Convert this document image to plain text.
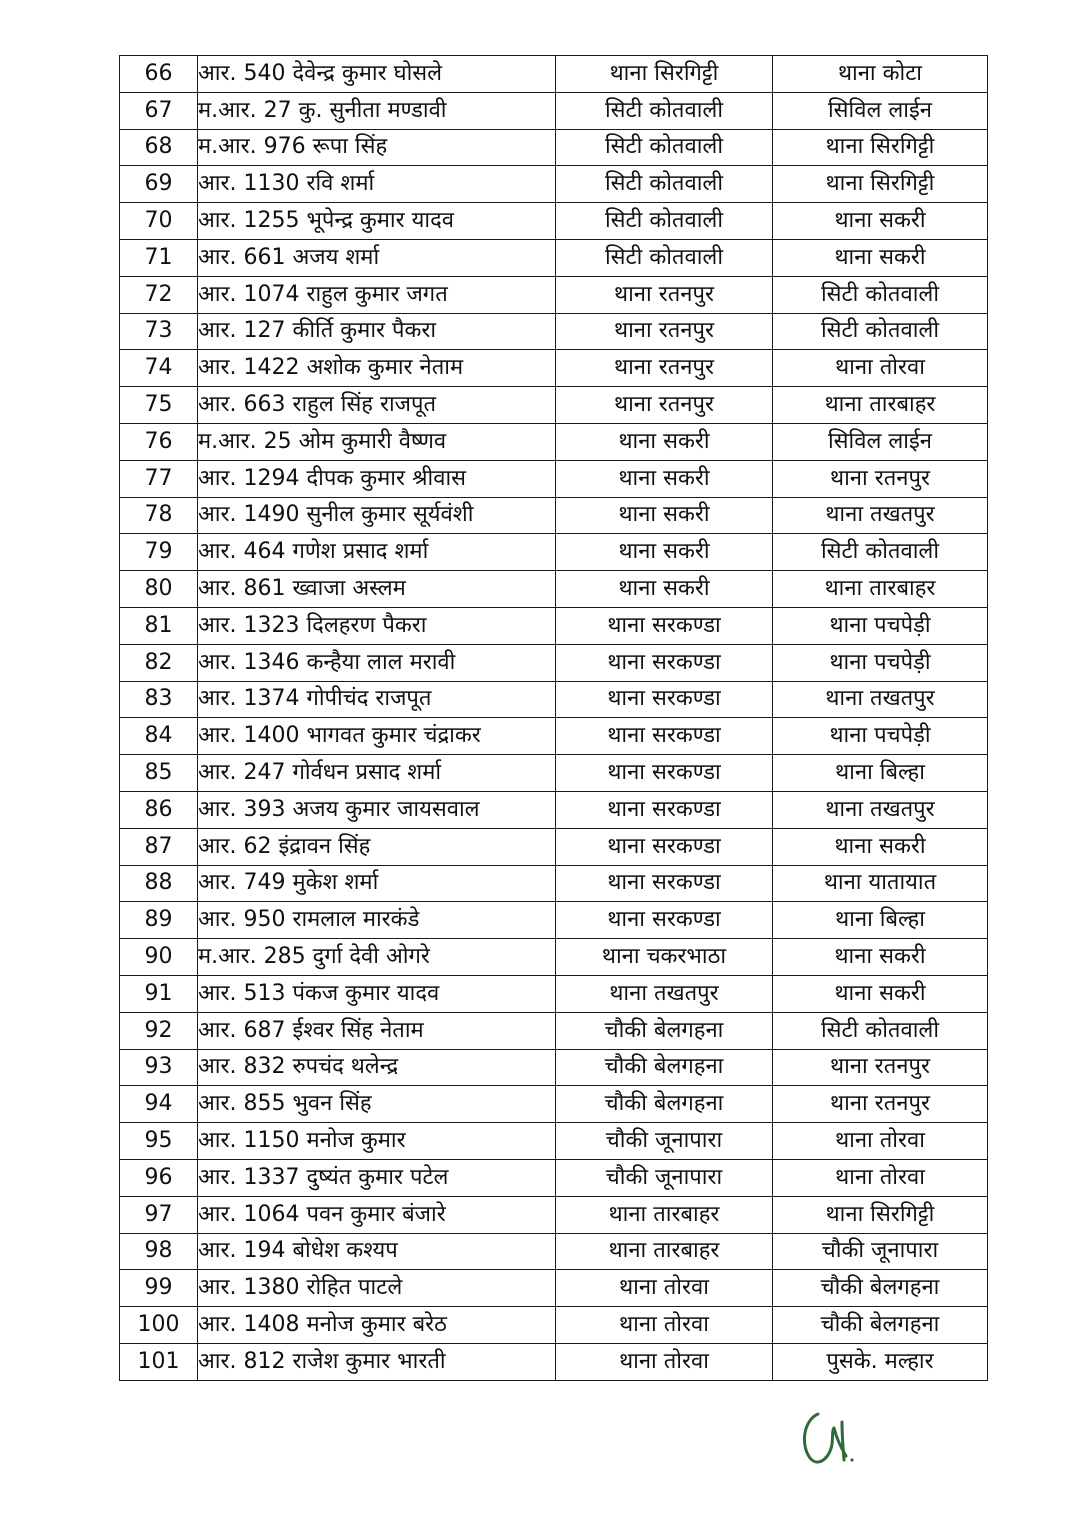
66	आर. 540 देवेन्द्र कुमार घोसले	थाना सिरगिट्टी	थाना कोटा
67	म.आर. 27 कु. सुनीता मण्डावी	सिटी कोतवाली	सिविल लाईन
68	म.आर. 976 रूपा सिंह	सिटी कोतवाली	थाना सिरगिट्टी
69	आर. 1130 रवि शर्मा	सिटी कोतवाली	थाना सिरगिट्टी
70	आर. 1255 भूपेन्द्र कुमार यादव	सिटी कोतवाली	थाना सकरी
71	आर. 661 अजय शर्मा	सिटी कोतवाली	थाना सकरी
72	आर. 1074 राहुल कुमार जगत	थाना रतनपुर	सिटी कोतवाली
73	आर. 127 कीर्ति कुमार पैकरा	थाना रतनपुर	सिटी कोतवाली
74	आर. 1422 अशोक कुमार नेताम	थाना रतनपुर	थाना तोरवा
75	आर. 663 राहुल सिंह राजपूत	थाना रतनपुर	थाना तारबाहर
76	म.आर. 25 ओम कुमारी वैष्णव	थाना सकरी	सिविल लाईन
77	आर. 1294 दीपक कुमार श्रीवास	थाना सकरी	थाना रतनपुर
78	आर. 1490 सुनील कुमार सूर्यवंशी	थाना सकरी	थाना तखतपुर
79	आर. 464 गणेश प्रसाद शर्मा	थाना सकरी	सिटी कोतवाली
80	आर. 861 ख्वाजा अस्लम	थाना सकरी	थाना तारबाहर
81	आर. 1323 दिलहरण पैकरा	थाना सरकण्डा	थाना पचपेड़ी
82	आर. 1346 कन्हैया लाल मरावी	थाना सरकण्डा	थाना पचपेड़ी
83	आर. 1374 गोपीचंद राजपूत	थाना सरकण्डा	थाना तखतपुर
84	आर. 1400 भागवत कुमार चंद्राकर	थाना सरकण्डा	थाना पचपेड़ी
85	आर. 247 गोर्वधन प्रसाद शर्मा	थाना सरकण्डा	थाना बिल्हा
86	आर. 393 अजय कुमार जायसवाल	थाना सरकण्डा	थाना तखतपुर
87	आर. 62 इंद्रावन सिंह	थाना सरकण्डा	थाना सकरी
88	आर. 749 मुकेश शर्मा	थाना सरकण्डा	थाना यातायात
89	आर. 950 रामलाल मारकंडे	थाना सरकण्डा	थाना बिल्हा
90	म.आर. 285 दुर्गा देवी ओगरे	थाना चकरभाठा	थाना सकरी
91	आर. 513 पंकज कुमार यादव	थाना तखतपुर	थाना सकरी
92	आर. 687 ईश्वर सिंह नेताम	चौकी बेलगहना	सिटी कोतवाली
93	आर. 832 रुपचंद थलेन्द्र	चौकी बेलगहना	थाना रतनपुर
94	आर. 855 भुवन सिंह	चौकी बेलगहना	थाना रतनपुर
95	आर. 1150 मनोज कुमार	चौकी जूनापारा	थाना तोरवा
96	आर. 1337 दुष्यंत कुमार पटेल	चौकी जूनापारा	थाना तोरवा
97	आर. 1064 पवन कुमार बंजारे	थाना तारबाहर	थाना सिरगिट्टी
98	आर. 194 बोधेश कश्यप	थाना तारबाहर	चौकी जूनापारा
99	आर. 1380 रोहित पाटले	थाना तोरवा	चौकी बेलगहना
100	आर. 1408 मनोज कुमार बरेठ	थाना तोरवा	चौकी बेलगहना
101	आर. 812 राजेश कुमार भारती	थाना तोरवा	पुसके. मल्हार
